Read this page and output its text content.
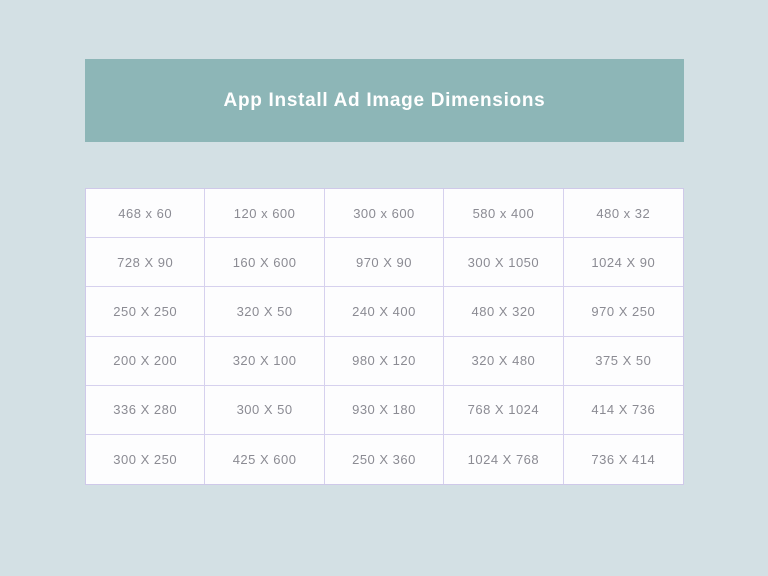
App Install Ad Image Dimensions
468 x 60	120 x 600	300 x 600	580 x 400	480 x 32
728 X 90	160 X 600	970 X 90	300 X 1050	1024 X 90
250 X 250	320 X 50	240 X 400	480 X 320	970 X 250
200 X 200	320 X 100	980 X 120	320 X 480	375 X 50
336 X 280	300 X 50	930 X 180	768 X 1024	414 X 736
300 X 250	425 X 600	250 X 360	1024 X 768	736 X 414
